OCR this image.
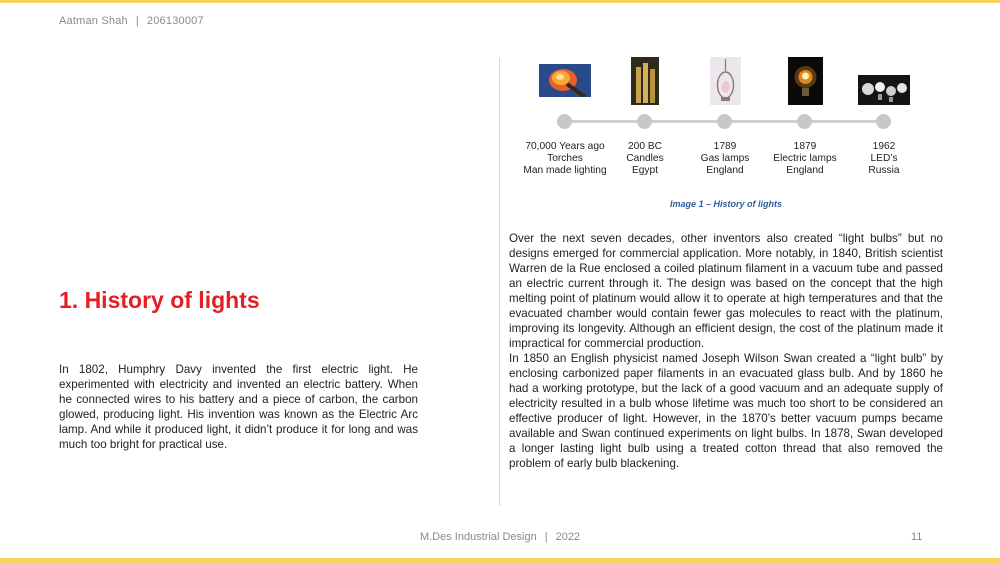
Aatman Shah | 206130007
1. History of lights
In 1802, Humphry Davy invented the first electric light. He experimented with electricity and invented an electric battery. When he connected wires to his battery and a piece of carbon, the carbon glowed, producing light. His invention was known as the Electric Arc lamp. And while it produced light, it didn’t produce it for long and was much too bright for practical use.
70,000 Years ago
Torches
Man made lighting
200 BC
Candles
Egypt
1789
Gas lamps
England
1879
Electric lamps
England
1962
LED’s
Russia
Image 1 – History of lights

Over the next seven decades, other inventors also created “light bulbs” but no designs emerged for commercial application. More notably, in 1840, British scientist Warren de la Rue enclosed a coiled platinum filament in a vacuum tube and passed an electric current through it. The design was based on the concept that the high melting point of platinum would allow it to operate at high temperatures and that the evacuated chamber would contain fewer gas molecules to react with the platinum, improving its longevity. Although an efficient design, the cost of the platinum made it impractical for commercial production.

In 1850 an English physicist named Joseph Wilson Swan created a “light bulb” by enclosing carbonized paper filaments in an evacuated glass bulb. And by 1860 he had a working prototype, but the lack of a good vacuum and an adequate supply of electricity resulted in a bulb whose lifetime was much too short to be considered an effective producer of light. However, in the 1870’s better vacuum pumps became available and Swan continued experiments on light bulbs. In 1878, Swan developed a longer lasting light bulb using a treated cotton thread that also removed the problem of early bulb blackening.

M.Des Industrial Design | 2022	11
